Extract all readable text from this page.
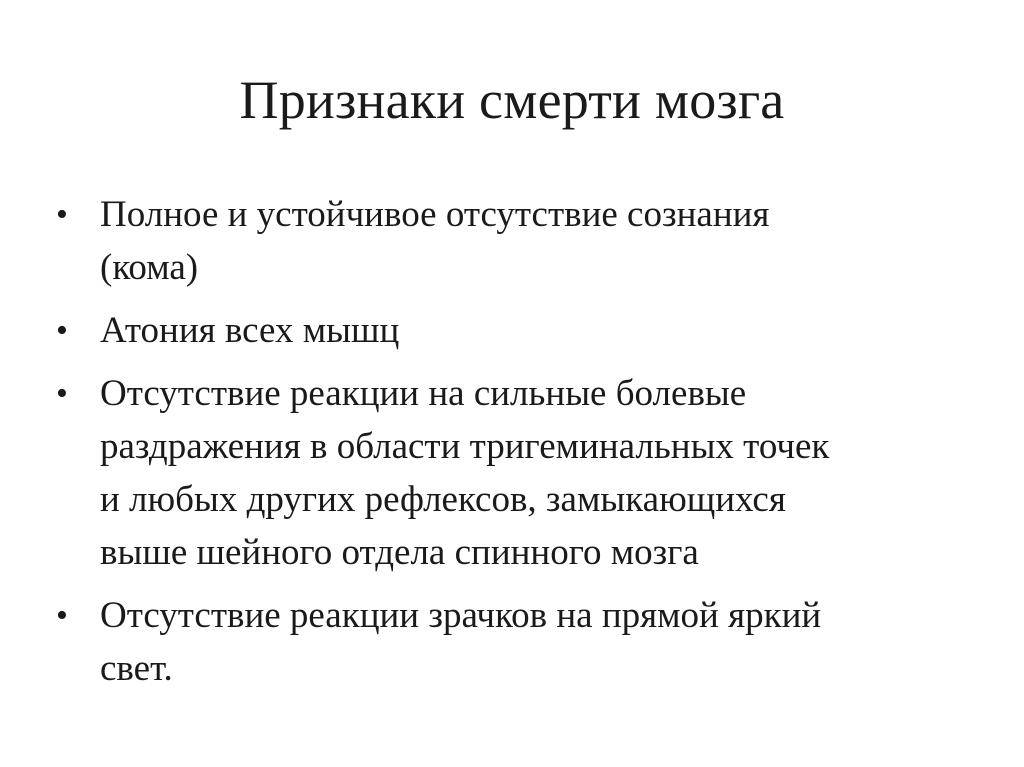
Признаки смерти мозга
• Полное и устойчивое отсутствие сознания
(кома)
• Атония всех мышц
• Отсутствие реакции на сильные болевые
раздражения в области тригеминальных точек
и любых других рефлексов, замыкающихся
выше шейного отдела спинного мозга
• Отсутствие реакции зрачков на прямой яркий
свет.
